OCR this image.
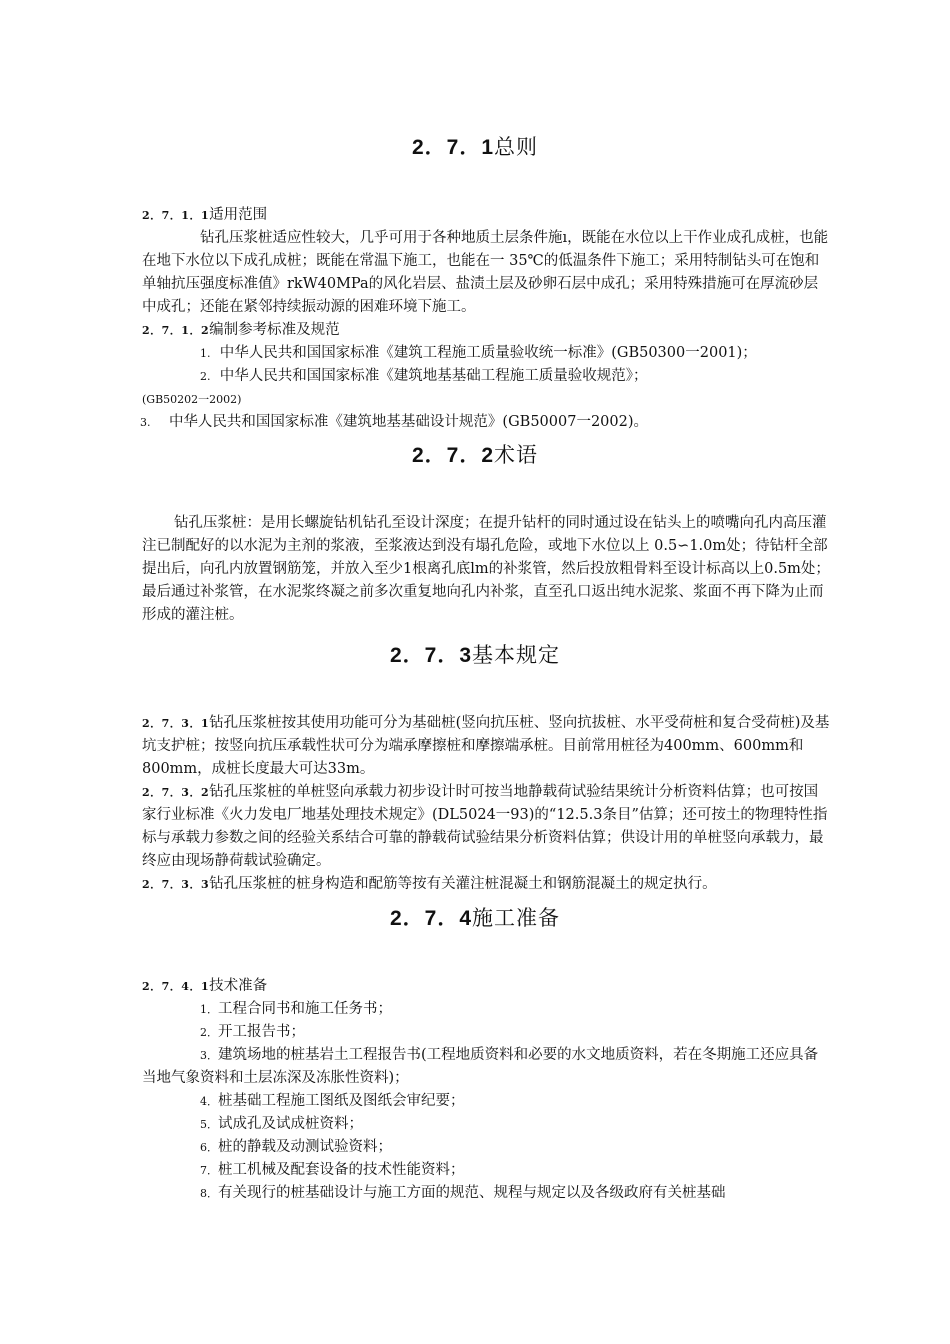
2．7．1总则

2．7．1．1适用范围

钻孔压浆桩适应性较大，几乎可用于各种地质土层条件施ı，既能在水位以上干作业成孔成桩，也能在地下水位以下成孔成桩；既能在常温下施工，也能在一 35℃的低温条件下施工；采用特制钻头可在饱和单轴抗压强度标准值》rkW40MPa的风化岩层、盐渍土层及砂卵石层中成孔；采用特殊措施可在厚流砂层中成孔；还能在紧邻持续振动源的困难环境下施工。

2．7．1．2编制参考标准及规范

1. 中华人民共和国国家标准《建筑工程施工质量验收统一标准》(GB50300一2001)；

2. 中华人民共和国国家标准《建筑地基基础工程施工质量验收规范》；

(GB50202一2002)

3. 中华人民共和国国家标准《建筑地基基础设计规范》(GB50007一2002)。

2．7．2术语

钻孔压浆桩：是用长螺旋钻机钻孔至设计深度；在提升钻杆的同时通过设在钻头上的喷嘴向孔内高压灌注已制配好的以水泥为主剂的浆液，至浆液达到没有塌孔危险，或地下水位以上 0.5∽1.0m处；待钻杆全部提出后，向孔内放置钢筋笼，并放入至少1根离孔底lm的补浆管，然后投放粗骨料至设计标高以上0.5m处；最后通过补浆管，在水泥浆终凝之前多次重复地向孔内补浆，直至孔口返出纯水泥浆、浆面不再下降为止而形成的灌注桩。

2．7．3基本规定

2．7．3．1钻孔压浆桩按其使用功能可分为基础桩(竖向抗压桩、竖向抗拔桩、水平受荷桩和复合受荷桩)及基坑支护桩；按竖向抗压承载性状可分为端承摩擦桩和摩擦端承桩。目前常用桩径为400mm、600mm和800mm，成桩长度最大可达33m。

2．7．3．2钻孔压浆桩的单桩竖向承载力初步设计时可按当地静载荷试验结果统计分析资料估算；也可按国家行业标准《火力发电厂地基处理技术规定》(DL5024一93)的“12.5.3条目”估算；还可按土的物理特性指标与承载力参数之间的经验关系结合可靠的静载荷试验结果分析资料估算；供设计用的单桩竖向承载力，最终应由现场静荷载试验确定。

2．7．3．3钻孔压浆桩的桩身构造和配筋等按有关灌注桩混凝土和钢筋混凝土的规定执行。

2．7．4施工准备

2．7．4．1技术准备

1．工程合同书和施工任务书；

2．开工报告书；

3．建筑场地的桩基岩土工程报告书(工程地质资料和必要的水文地质资料，若在冬期施工还应具备当地气象资料和土层冻深及冻胀性资料)；

4．桩基础工程施工图纸及图纸会审纪要；

5．试成孔及试成桩资料；

6．桩的静载及动测试验资料；

7．桩工机械及配套设备的技术性能资料；

8．有关现行的桩基础设计与施工方面的规范、规程与规定以及各级政府有关桩基础
